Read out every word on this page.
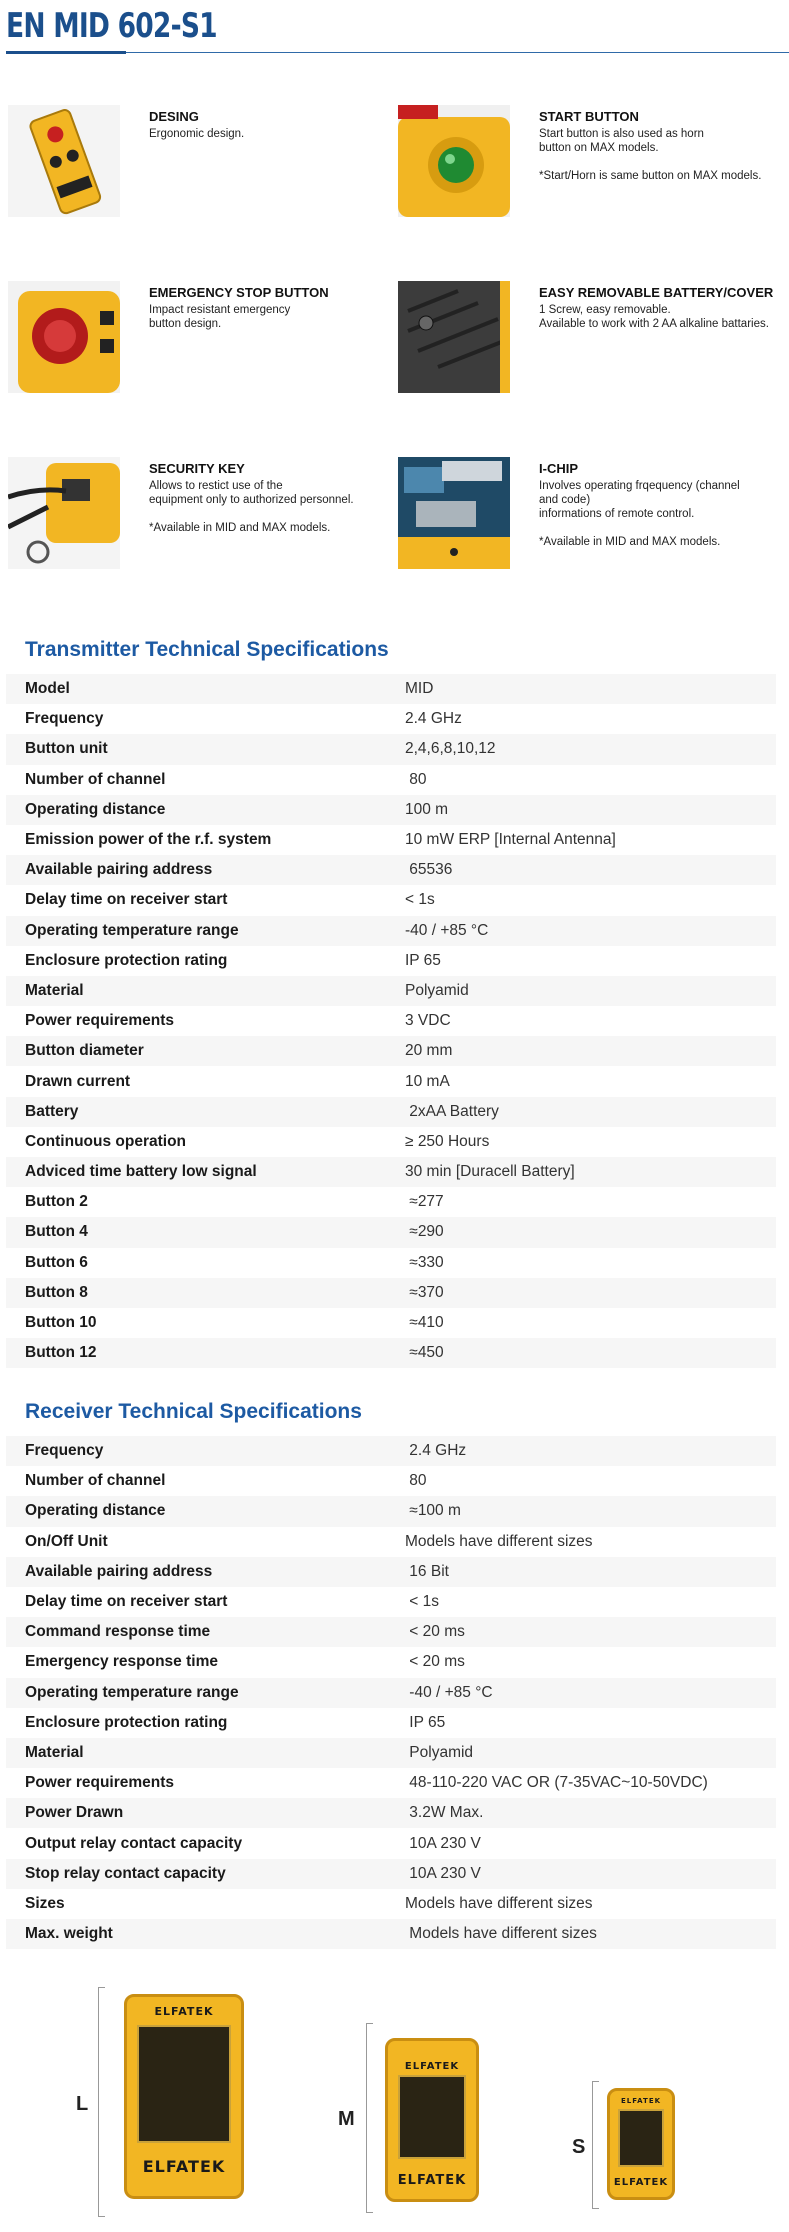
EN MID 602-S1
DESING
Ergonomic design.
START BUTTON
Start button is also used as horn
button on MAX models.

*Start/Horn is same button on MAX models.
EMERGENCY STOP BUTTON
Impact resistant emergency
button design.
EASY REMOVABLE BATTERY/COVER
1 Screw, easy removable.
Available to work with 2 AA alkaline battaries.
SECURITY KEY
Allows to restict use of the
equipment only to authorized personnel.

*Available in MID and MAX models.
I-CHIP
Involves operating frqequency (channel
and code)
informations of remote control.

*Available in MID and MAX models.
Transmitter Technical Specifications
Model	MID
Frequency	2.4 GHz
Button unit	2,4,6,8,10,12
Number of channel	80
Operating distance	100 m
Emission power of the r.f. system	10 mW ERP [Internal Antenna]
Available pairing address	65536
Delay time on receiver start	< 1s
Operating temperature range	-40 / +85 °C
Enclosure protection rating	IP 65
Material	Polyamid
Power requirements	3 VDC
Button diameter	20 mm
Drawn current	10 mA
Battery	2xAA Battery
Continuous operation	≥ 250 Hours
Adviced time battery low signal	30 min [Duracell Battery]
Button 2	≈277
Button 4	≈290
Button 6	≈330
Button 8	≈370
Button 10	≈410
Button 12	≈450
Receiver Technical Specifications
Frequency	2.4 GHz
Number of channel	80
Operating distance	≈100 m
On/Off Unit	Models have different sizes
Available pairing address	16 Bit
Delay time on receiver start	< 1s
Command response time	< 20 ms
Emergency response time	< 20 ms
Operating temperature range	-40 / +85 °C
Enclosure protection rating	IP 65
Material	Polyamid
Power requirements	48-110-220 VAC OR (7-35VAC~10-50VDC)
Power Drawn	3.2W Max.
Output relay contact capacity	10A 230 V
Stop relay contact capacity	10A 230 V
Sizes	Models have different sizes
Max. weight	Models have different sizes
L
ELFATEK
ELFATEK
M
ELFATEK
ELFATEK
S
ELFATEK
ELFATEK
